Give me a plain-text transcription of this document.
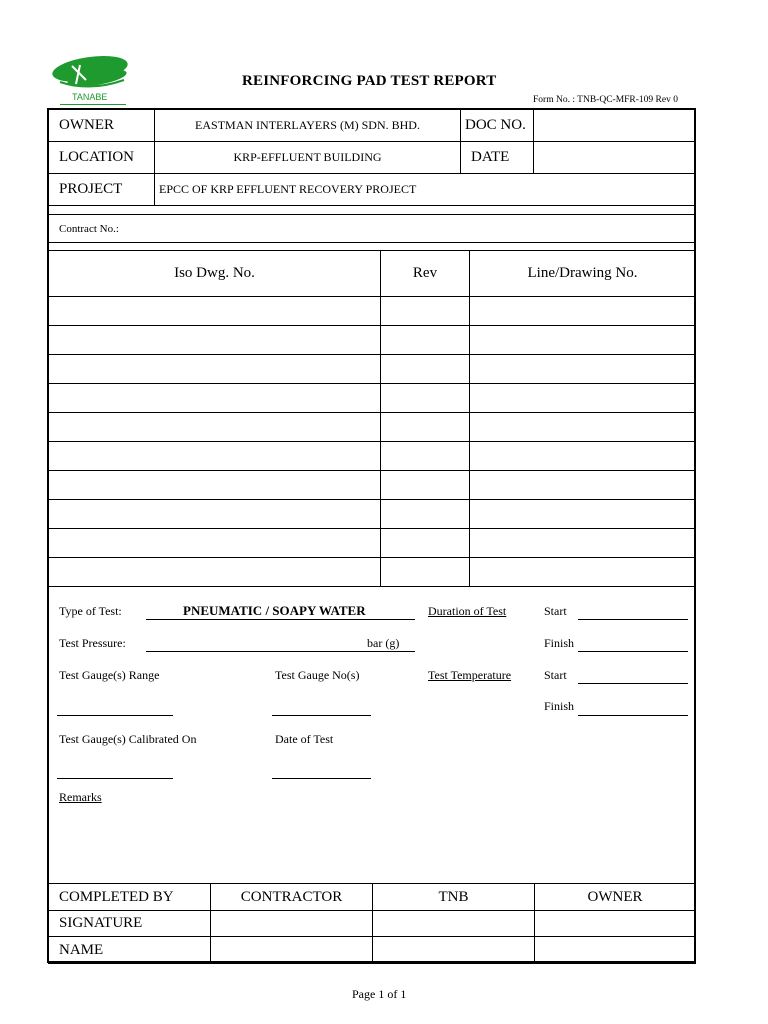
TANABE
REINFORCING PAD TEST REPORT
Form No. : TNB-QC-MFR-109 Rev 0
OWNER	EASTMAN INTERLAYERS (M) SDN. BHD.	DOC NO.	
LOCATION	KRP-EFFLUENT BUILDING	DATE	
PROJECT	EPCC OF KRP EFFLUENT RECOVERY PROJECT		
Contract No.:
Iso Dwg. No.	Rev	Line/Drawing No.

Type of Test:	PNEUMATIC / SOAPY WATER	Duration of Test	Start
Test Pressure:	bar (g)	Finish
Test Gauge(s) Range	Test Gauge No(s)	Test Temperature	Start
Finish
Test Gauge(s) Calibrated On	Date of Test
Remarks
COMPLETED BY	CONTRACTOR	TNB	OWNER
SIGNATURE			
NAME			
Page 1 of 1
